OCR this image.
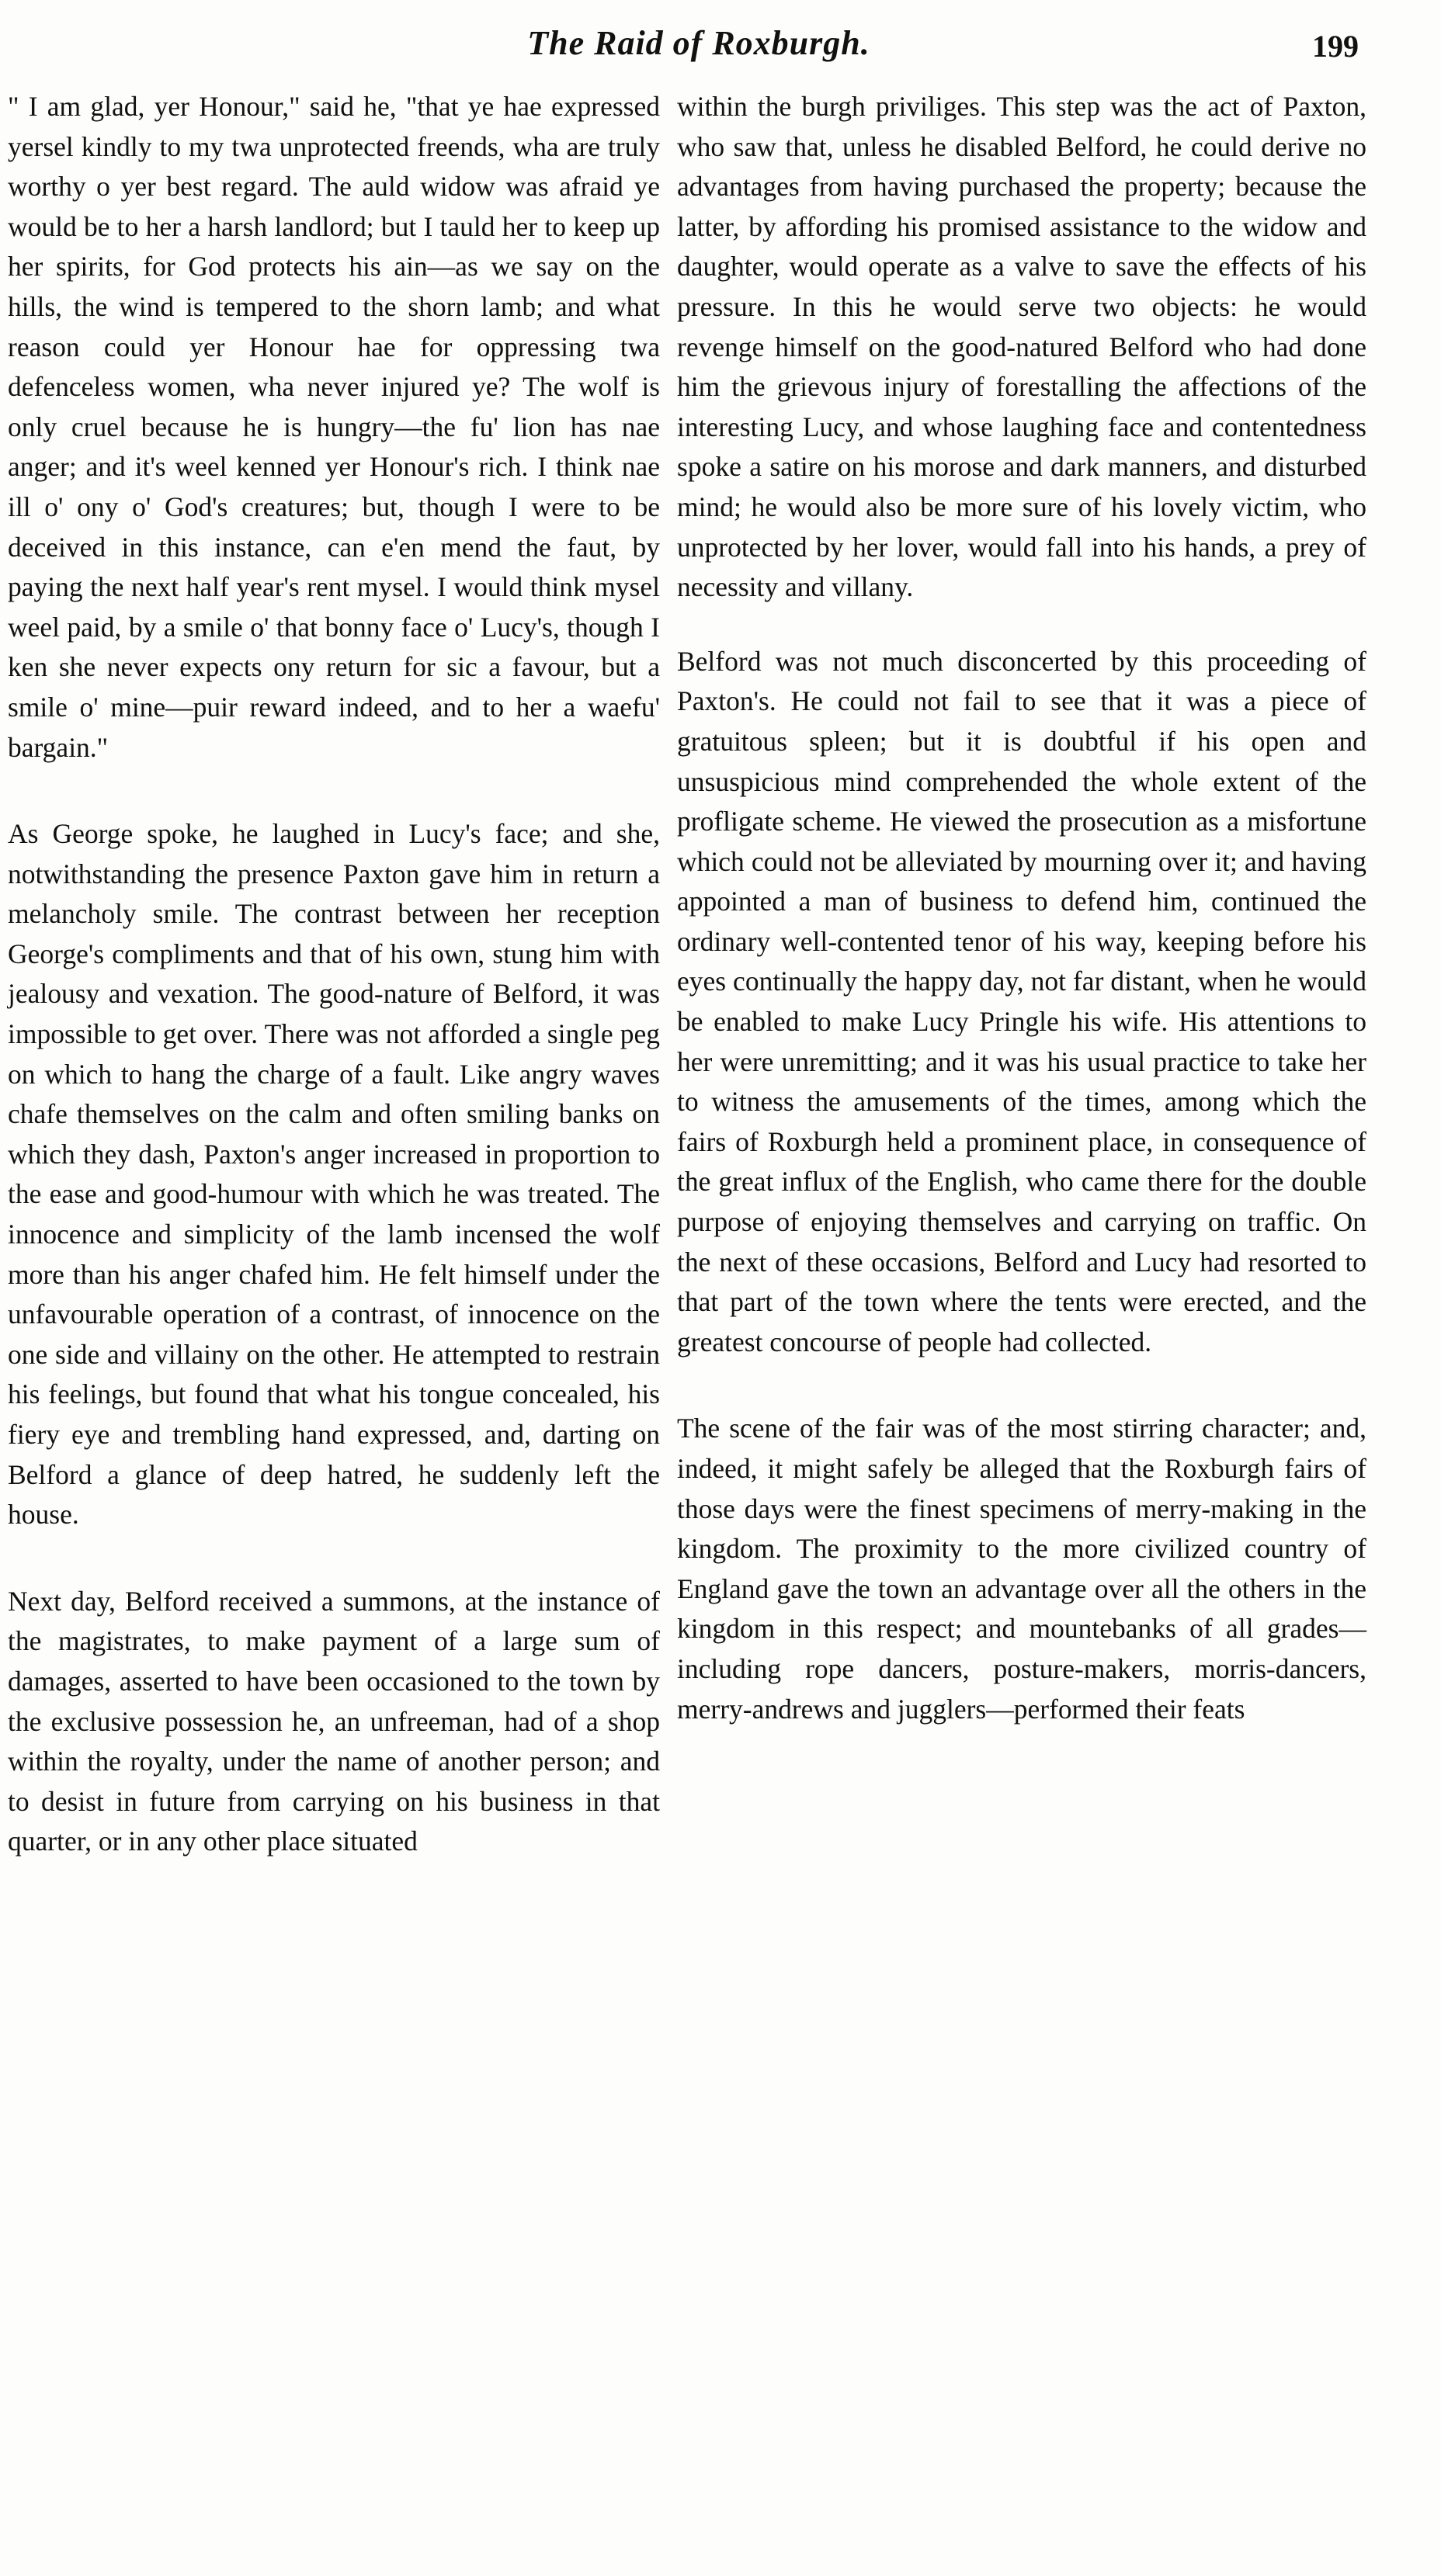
The Raid of Roxburgh.	199

" I am glad, yer Honour," said he, "that ye hae expressed yersel kindly to my twa unprotected freends, wha are truly worthy o yer best regard. The auld widow was afraid ye would be to her a harsh landlord; but I tauld her to keep up her spirits, for God protects his ain—as we say on the hills, the wind is tempered to the shorn lamb; and what reason could yer Honour hae for oppressing twa defenceless women, wha never injured ye? The wolf is only cruel because he is hungry—the fu' lion has nae anger; and it's weel kenned yer Honour's rich. I think nae ill o' ony o' God's creatures; but, though I were to be deceived in this instance, can e'en mend the faut, by paying the next half year's rent mysel. I would think mysel weel paid, by a smile o' that bonny face o' Lucy's, though I ken she never expects ony return for sic a favour, but a smile o' mine—puir reward indeed, and to her a waefu' bargain."

As George spoke, he laughed in Lucy's face; and she, notwithstanding the presence Paxton gave him in return a melancholy smile. The contrast between her reception George's compliments and that of his own, stung him with jealousy and vexation. The good-nature of Belford, it was impossible to get over. There was not afforded a single peg on which to hang the charge of a fault. Like angry waves chafe themselves on the calm and often smiling banks on which they dash, Paxton's anger increased in proportion to the ease and good-humour with which he was treated. The innocence and simplicity of the lamb incensed the wolf more than his anger chafed him. He felt himself under the unfavourable operation of a contrast, of innocence on the one side and villainy on the other. He attempted to restrain his feelings, but found that what his tongue concealed, his fiery eye and trembling hand expressed, and, darting on Belford a glance of deep hatred, he suddenly left the house.

Next day, Belford received a summons, at the instance of the magistrates, to make payment of a large sum of damages, asserted to have been occasioned to the town by the exclusive possession he, an unfreeman, had of a shop within the royalty, under the name of another person; and to desist in future from carrying on his business in that quarter, or in any other place situated

within the burgh priviliges. This step was the act of Paxton, who saw that, unless he disabled Belford, he could derive no advantages from having purchased the property; because the latter, by affording his promised assistance to the widow and daughter, would operate as a valve to save the effects of his pressure. In this he would serve two objects: he would revenge himself on the good-natured Belford who had done him the grievous injury of forestalling the affections of the interesting Lucy, and whose laughing face and contentedness spoke a satire on his morose and dark manners, and disturbed mind; he would also be more sure of his lovely victim, who unprotected by her lover, would fall into his hands, a prey of necessity and villany.

Belford was not much disconcerted by this proceeding of Paxton's. He could not fail to see that it was a piece of gratuitous spleen; but it is doubtful if his open and unsuspicious mind comprehended the whole extent of the profligate scheme. He viewed the prosecution as a misfortune which could not be alleviated by mourning over it; and having appointed a man of business to defend him, continued the ordinary well-contented tenor of his way, keeping before his eyes continually the happy day, not far distant, when he would be enabled to make Lucy Pringle his wife. His attentions to her were unremitting; and it was his usual practice to take her to witness the amusements of the times, among which the fairs of Roxburgh held a prominent place, in consequence of the great influx of the English, who came there for the double purpose of enjoying themselves and carrying on traffic. On the next of these occasions, Belford and Lucy had resorted to that part of the town where the tents were erected, and the greatest concourse of people had collected.

The scene of the fair was of the most stirring character; and, indeed, it might safely be alleged that the Roxburgh fairs of those days were the finest specimens of merry-making in the kingdom. The proximity to the more civilized country of England gave the town an advantage over all the others in the kingdom in this respect; and mountebanks of all grades—including rope dancers, posture-makers, morris-dancers, merry-andrews and jugglers—performed their feats
